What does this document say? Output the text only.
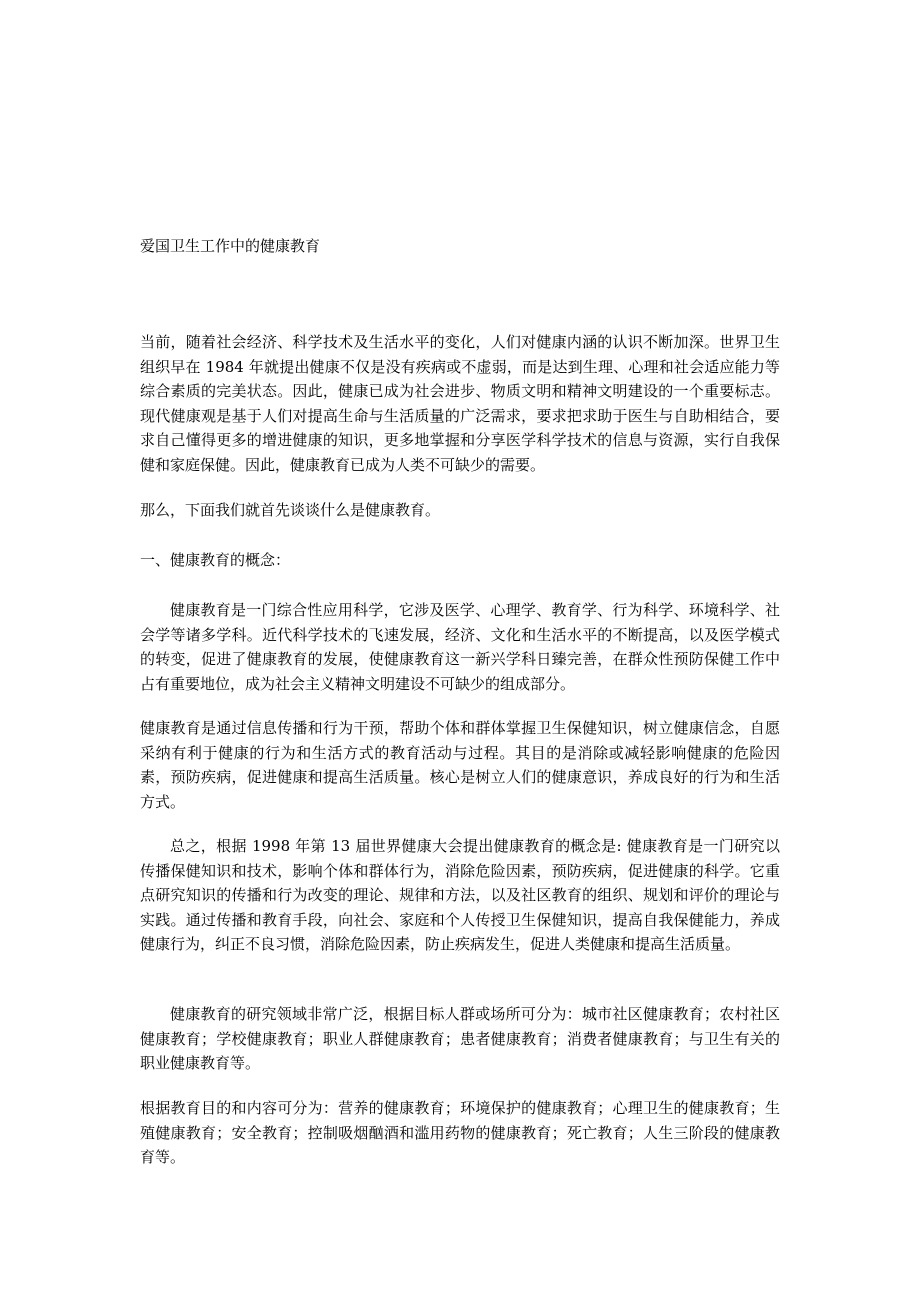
爱国卫生工作中的健康教育

当前，随着社会经济、科学技术及生活水平的变化，人们对健康内涵的认识不断加深。世界卫生组织早在 1984 年就提出健康不仅是没有疾病或不虚弱，而是达到生理、心理和社会适应能力等综合素质的完美状态。因此，健康已成为社会进步、物质文明和精神文明建设的一个重要标志。现代健康观是基于人们对提高生命与生活质量的广泛需求，要求把求助于医生与自助相结合，要求自己懂得更多的增进健康的知识，更多地掌握和分享医学科学技术的信息与资源，实行自我保健和家庭保健。因此，健康教育已成为人类不可缺少的需要。

那么，下面我们就首先谈谈什么是健康教育。

一、健康教育的概念：

健康教育是一门综合性应用科学，它涉及医学、心理学、教育学、行为科学、环境科学、社会学等诸多学科。近代科学技术的飞速发展，经济、文化和生活水平的不断提高，以及医学模式的转变，促进了健康教育的发展，使健康教育这一新兴学科日臻完善，在群众性预防保健工作中占有重要地位，成为社会主义精神文明建设不可缺少的组成部分。

健康教育是通过信息传播和行为干预，帮助个体和群体掌握卫生保健知识，树立健康信念，自愿采纳有利于健康的行为和生活方式的教育活动与过程。其目的是消除或减轻影响健康的危险因素，预防疾病，促进健康和提高生活质量。核心是树立人们的健康意识，养成良好的行为和生活方式。

总之，根据 1998 年第 13 届世界健康大会提出健康教育的概念是: 健康教育是一门研究以传播保健知识和技术，影响个体和群体行为，消除危险因素，预防疾病，促进健康的科学。它重点研究知识的传播和行为改变的理论、规律和方法，以及社区教育的组织、规划和评价的理论与实践。通过传播和教育手段，向社会、家庭和个人传授卫生保健知识，提高自我保健能力，养成健康行为，纠正不良习惯，消除危险因素，防止疾病发生，促进人类健康和提高生活质量。

健康教育的研究领域非常广泛，根据目标人群或场所可分为：城市社区健康教育；农村社区健康教育；学校健康教育；职业人群健康教育；患者健康教育；消费者健康教育；与卫生有关的职业健康教育等。

根据教育目的和内容可分为：营养的健康教育；环境保护的健康教育；心理卫生的健康教育；生殖健康教育；安全教育；控制吸烟酗酒和滥用药物的健康教育；死亡教育；人生三阶段的健康教育等。
